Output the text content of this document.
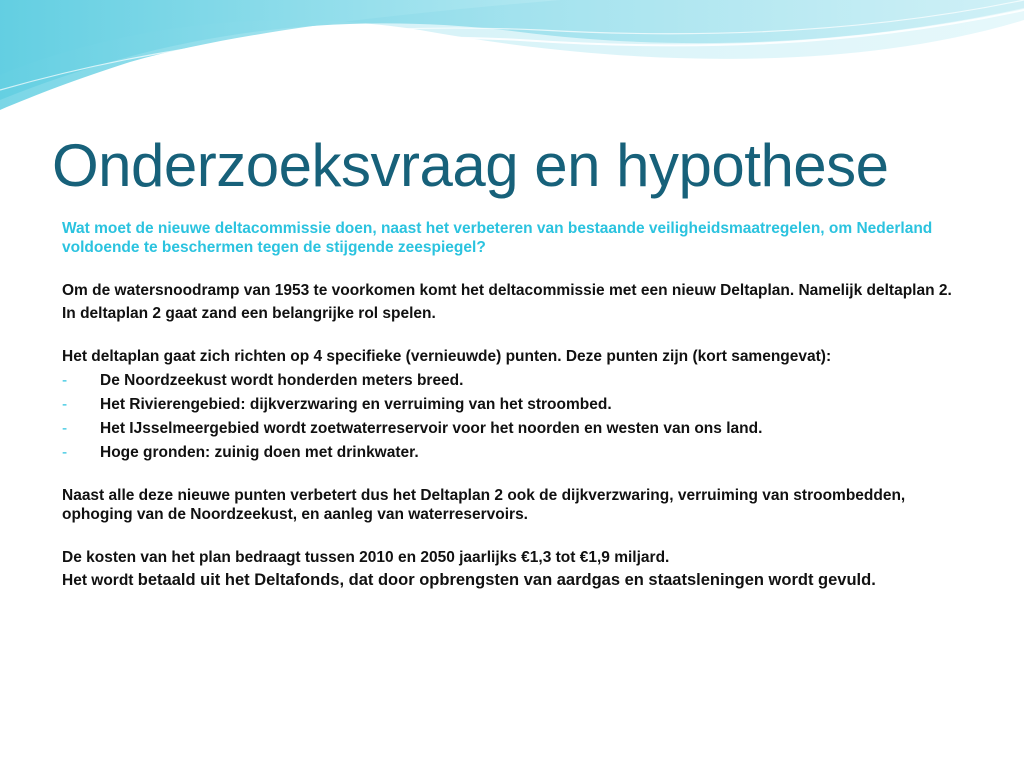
Onderzoeksvraag en hypothese

Wat moet de nieuwe deltacommissie doen, naast het verbeteren van bestaande veiligheidsmaatregelen, om Nederland voldoende te beschermen tegen de stijgende zeespiegel?

Om de watersnoodramp van 1953 te voorkomen komt het deltacommissie met een nieuw Deltaplan. Namelijk deltaplan 2.

In deltaplan 2 gaat zand een belangrijke rol spelen.

Het deltaplan gaat zich richten op 4 specifieke (vernieuwde) punten. Deze punten zijn (kort samengevat):

- De Noordzeekust wordt honderden meters breed.
- Het Rivierengebied: dijkverzwaring en verruiming van het stroombed.
- Het IJsselmeergebied wordt zoetwaterreservoir voor het noorden en westen van ons land.
- Hoge gronden: zuinig doen met drinkwater.

Naast alle deze nieuwe punten verbetert dus het Deltaplan 2 ook de dijkverzwaring, verruiming van stroombedden, ophoging van de Noordzeekust, en aanleg van waterreservoirs.

De kosten van het plan bedraagt tussen 2010 en 2050 jaarlijks €1,3 tot €1,9 miljard.

Het wordt betaald uit het Deltafonds, dat door opbrengsten van aardgas en staatsleningen wordt gevuld.
